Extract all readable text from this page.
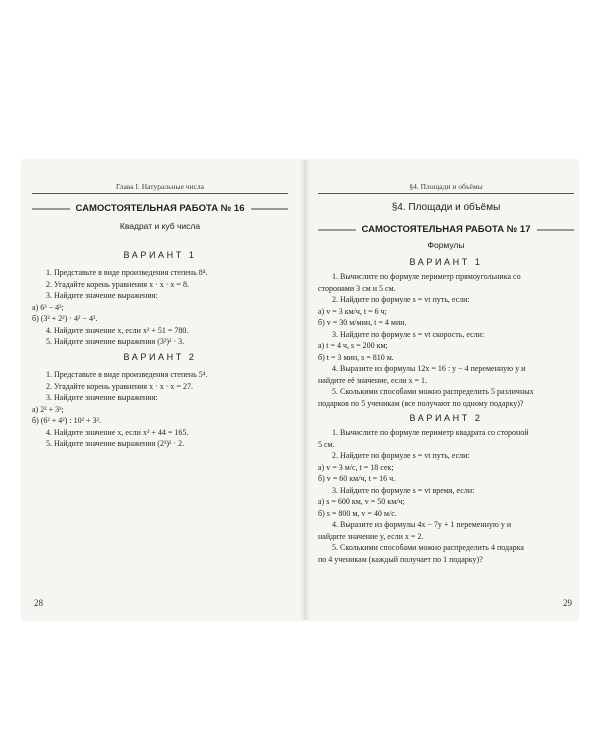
Глава I. Натуральные числа
САМОСТОЯТЕЛЬНАЯ РАБОТА № 16
Квадрат и куб числа
ВАРИАНТ 1
1. Представьте в виде произведения степень 8⁴.
2. Угадайте корень уравнения x · x · x = 8.
3. Найдите значение выражения:
а) 6³ − 4³;
б) (3² + 2²) · 4² − 4².
4. Найдите значение x, если x² + 51 = 780.
5. Найдите значение выражения (3²)² · 3.
ВАРИАНТ 2
1. Представьте в виде произведения степень 5⁴.
2. Угадайте корень уравнения x · x · x = 27.
3. Найдите значение выражения:
а) 2² + 3³;
б) (6² + 4²) : 10² + 3².
4. Найдите значение x, если x² + 44 = 165.
5. Найдите значение выражения (2³)² · 2.
28
§4. Площади и объёмы
§4. Площади и объёмы
САМОСТОЯТЕЛЬНАЯ РАБОТА № 17
Формулы
ВАРИАНТ 1
1. Вычислите по формуле периметр прямоугольника со
сторонами 3 см и 5 см.
2. Найдите по формуле s = vt путь, если:
а) v = 3 км/ч, t = 6 ч;
б) v = 30 м/мин, t = 4 мин.
3. Найдите по формуле s = vt скорость, если:
а) t = 4 ч, s = 200 км;
б) t = 3 мин, s = 810 м.
4. Выразите из формулы 12x = 16 : y − 4 переменную y и
найдите её значение, если x = 1.
5. Сколькими способами можно распределить 5 различных
подарков по 5 ученикам (все получают по одному подарку)?
ВАРИАНТ 2
1. Вычислите по формуле периметр квадрата со стороной
5 см.
2. Найдите по формуле s = vt путь, если:
а) v = 3 м/с, t = 18 сек;
б) v = 60 км/ч, t = 16 ч.
3. Найдите по формуле s = vt время, если:
а) s = 600 км, v = 50 км/ч;
б) s = 800 м, v = 40 м/с.
4. Выразите из формулы 4x − 7y + 1 переменную y и
найдите значение y, если x = 2.
5. Сколькими способами можно распределить 4 подарка
по 4 ученикам (каждый получает по 1 подарку)?
29
